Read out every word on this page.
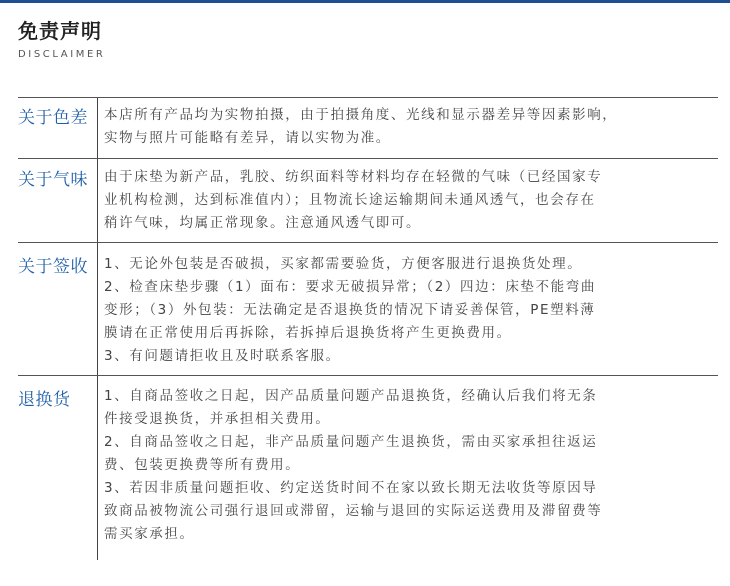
免责声明
DISCLAIMER
关于色差 本店所有产品均为实物拍摄，由于拍摄角度、光线和显示器差异等因素影响，

实物与照片可能略有差异，请以实物为准。

关于气味 由于床垫为新产品，乳胶、纺织面料等材料均存在轻微的气味（已经国家专

业机构检测，达到标准值内）；且物流长途运输期间未通风透气，也会存在

稍许气味，均属正常现象。注意通风透气即可。

关于签收 1、无论外包装是否破损，买家都需要验货，方便客服进行退换货处理。

2、检查床垫步骤（1）面布：要求无破损异常；（2）四边：床垫不能弯曲

变形；（3）外包装：无法确定是否退换货的情况下请妥善保管，PE塑料薄

膜请在正常使用后再拆除，若拆掉后退换货将产生更换费用。

3、有问题请拒收且及时联系客服。

退换货 1、自商品签收之日起，因产品质量问题产品退换货，经确认后我们将无条

件接受退换货，并承担相关费用。

2、自商品签收之日起，非产品质量问题产生退换货，需由买家承担往返运

费、包装更换费等所有费用。

3、若因非质量问题拒收、约定送货时间不在家以致长期无法收货等原因导

致商品被物流公司强行退回或滞留，运输与退回的实际运送费用及滞留费等

需买家承担。
